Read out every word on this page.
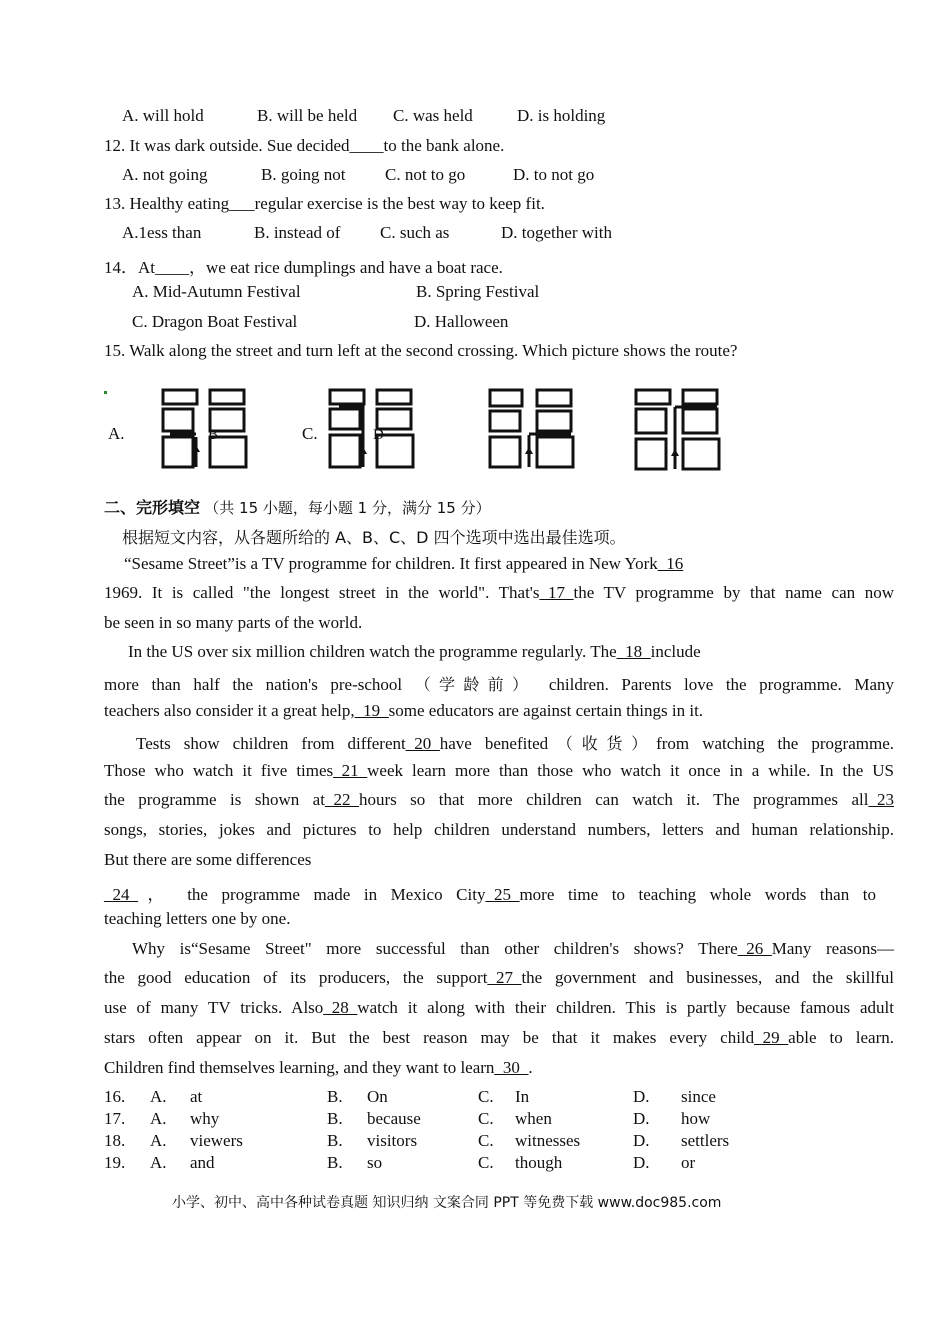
A. will hold	B. will be held C. was held	D. is holding
12. It was dark outside. Sue decided____to the bank alone.
A. not going	B. going not C. not to go	D. to not go
13. Healthy eating___regular exercise is the best way to keep fit.
A.1ess than	B. instead of C. such as	D. together with
14．At____，we eat rice dumplings and have a boat race.
A. Mid-Autumn Festival	B. Spring Festival
C. Dragon Boat Festival	D. Halloween
15. Walk along the street and turn left at the second crossing. Which picture shows the route?
A.	C.
B	D
二、完形填空 （共 15 小题，每小题 1 分，满分 15 分）
根据短文内容，从各题所给的 A、B、C、D 四个选项中选出最佳选项。
“Sesame Street”is a TV programme for children. It first appeared in New York_16
1969. It is called "the longest street in the world". That's_17_the TV programme by that name can now
be seen in so many parts of the world.
In the US over six million children watch the programme regularly. The_18_include
more than half the nation's pre-school （学龄前） children. Parents love the programme. Many
teachers also consider it a great help,_19_some educators are against certain things in it.
Tests show children from different_20_have benefited（收货）from watching the programme.
Those who watch it five times_21_week learn more than those who watch it once in a while. In the US
the programme is shown at_22_hours so that more children can watch it. The programmes all_23
songs, stories, jokes and pictures to help children understand numbers, letters and human relationship.
But there are some differences
_24_， the programme made in Mexico City_25_more time to teaching whole words than to
teaching letters one by one.
Why is“Sesame Street" more successful than other children's shows? There_26_Many reasons—
the good education of its producers, the support_27_the government and businesses, and the skillful
use of many TV tricks. Also_28_watch it along with their children. This is partly because famous adult
stars often appear on it. But the best reason may be that it makes every child_29_able to learn.
Children find themselves learning, and they want to learn_30_.
16. A. at	B. On	C. In	D. since
17. A. why	B. because	C. when	D. how
18. A. viewers	B. visitors	C. witnesses	D. settlers
19. A. and	B. so	C. though	D. or
小学、初中、高中各种试卷真题 知识归纳 文案合同 PPT 等免费下载 www.doc985.com
